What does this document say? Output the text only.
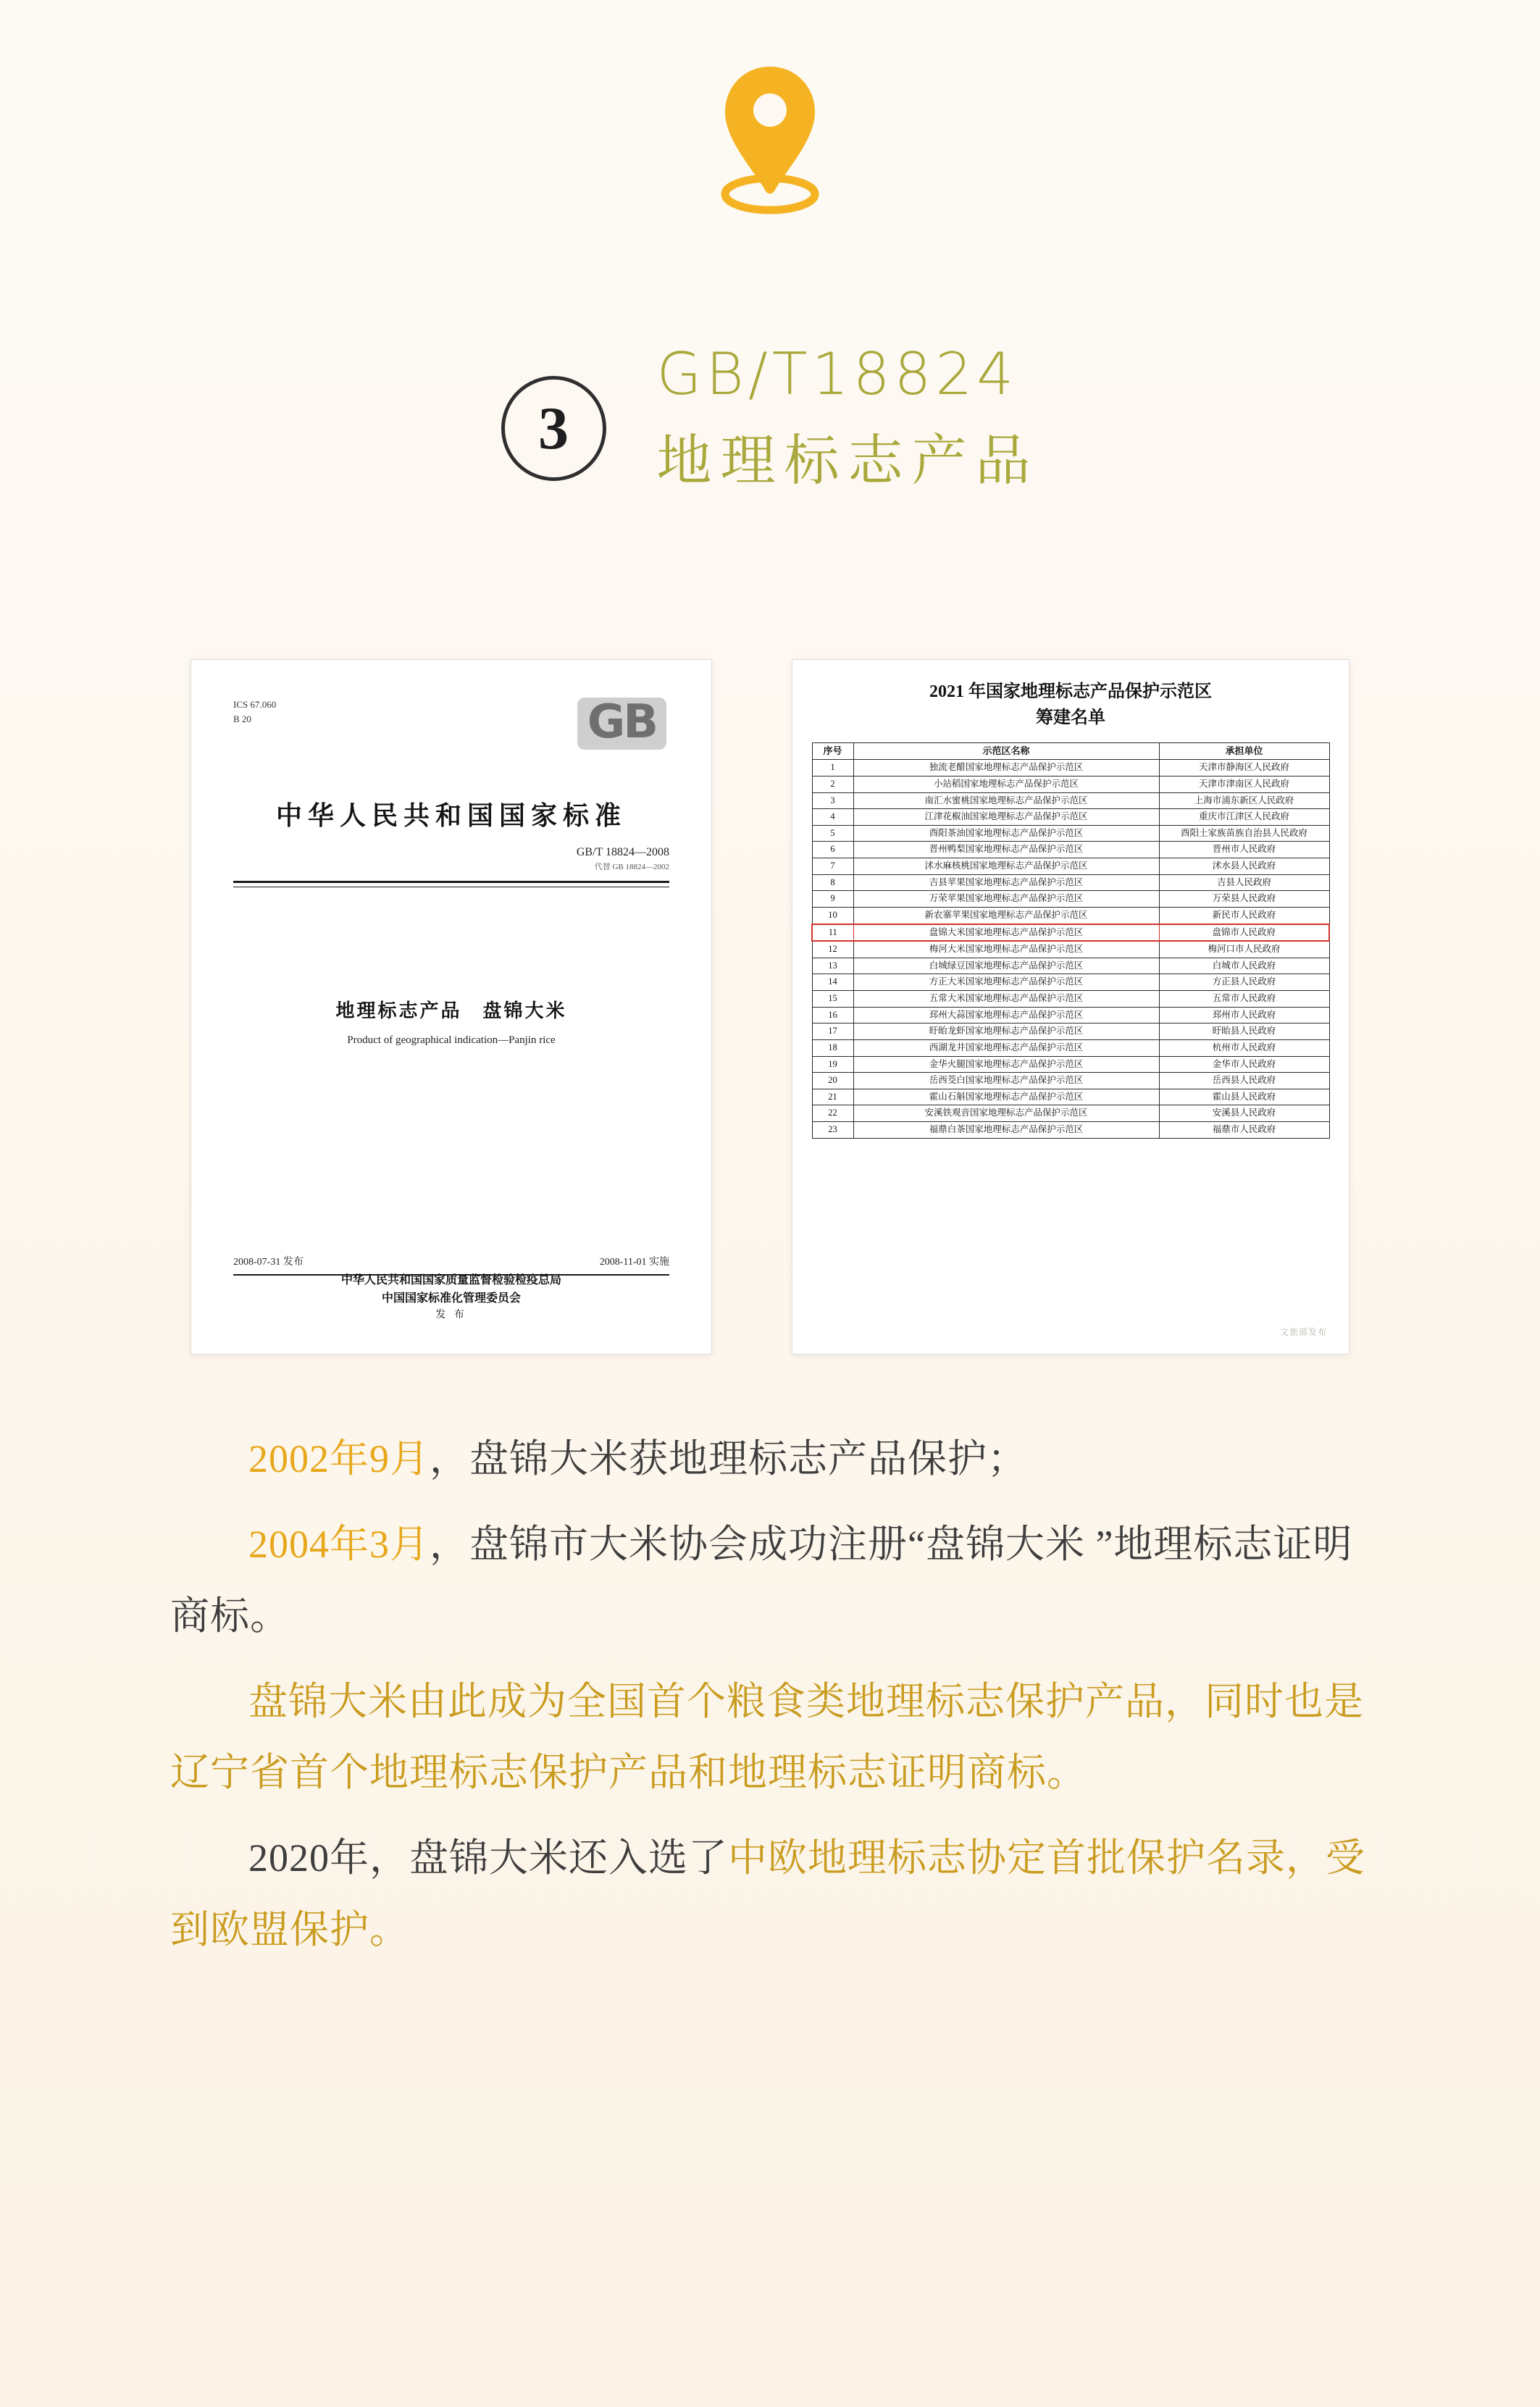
3
GB/T18824
地理标志产品
ICS 67.060
B 20	GB
中华人民共和国国家标准
GB/T 18824—2008
代替 GB 18824—2002
地理标志产品　盘锦大米
Product of geographical indication—Panjin rice
2008-07-31 发布	2008-11-01 实施
中华人民共和国国家质量监督检验检疫总局
中国国家标准化管理委员会
发 布
2021 年国家地理标志产品保护示范区
筹建名单
序号	示范区名称	承担单位
1	独流老醋国家地理标志产品保护示范区	天津市静海区人民政府
2	小站稻国家地理标志产品保护示范区	天津市津南区人民政府
3	南汇水蜜桃国家地理标志产品保护示范区	上海市浦东新区人民政府
4	江津花椒油国家地理标志产品保护示范区	重庆市江津区人民政府
5	酉阳茶油国家地理标志产品保护示范区	酉阳土家族苗族自治县人民政府
6	晋州鸭梨国家地理标志产品保护示范区	晋州市人民政府
7	沭水麻核桃国家地理标志产品保护示范区	沭水县人民政府
8	吉县苹果国家地理标志产品保护示范区	吉县人民政府
9	万荣苹果国家地理标志产品保护示范区	万荣县人民政府
10	新农寨苹果国家地理标志产品保护示范区	新民市人民政府
11	盘锦大米国家地理标志产品保护示范区	盘锦市人民政府
12	梅河大米国家地理标志产品保护示范区	梅河口市人民政府
13	白城绿豆国家地理标志产品保护示范区	白城市人民政府
14	方正大米国家地理标志产品保护示范区	方正县人民政府
15	五常大米国家地理标志产品保护示范区	五常市人民政府
16	邳州大蒜国家地理标志产品保护示范区	邳州市人民政府
17	盱眙龙虾国家地理标志产品保护示范区	盱眙县人民政府
18	西湖龙井国家地理标志产品保护示范区	杭州市人民政府
19	金华火腿国家地理标志产品保护示范区	金华市人民政府
20	岳西茭白国家地理标志产品保护示范区	岳西县人民政府
21	霍山石斛国家地理标志产品保护示范区	霍山县人民政府
22	安溪铁观音国家地理标志产品保护示范区	安溪县人民政府
23	福鼎白茶国家地理标志产品保护示范区	福鼎市人民政府
文旅部发布

2002年9月，盘锦大米获地理标志产品保护；

2004年3月，盘锦市大米协会成功注册“盘锦大米 ”地理标志证明商标。

盘锦大米由此成为全国首个粮食类地理标志保护产品，同时也是辽宁省首个地理标志保护产品和地理标志证明商标。

2020年，盘锦大米还入选了中欧地理标志协定首批保护名录，受到欧盟保护。
